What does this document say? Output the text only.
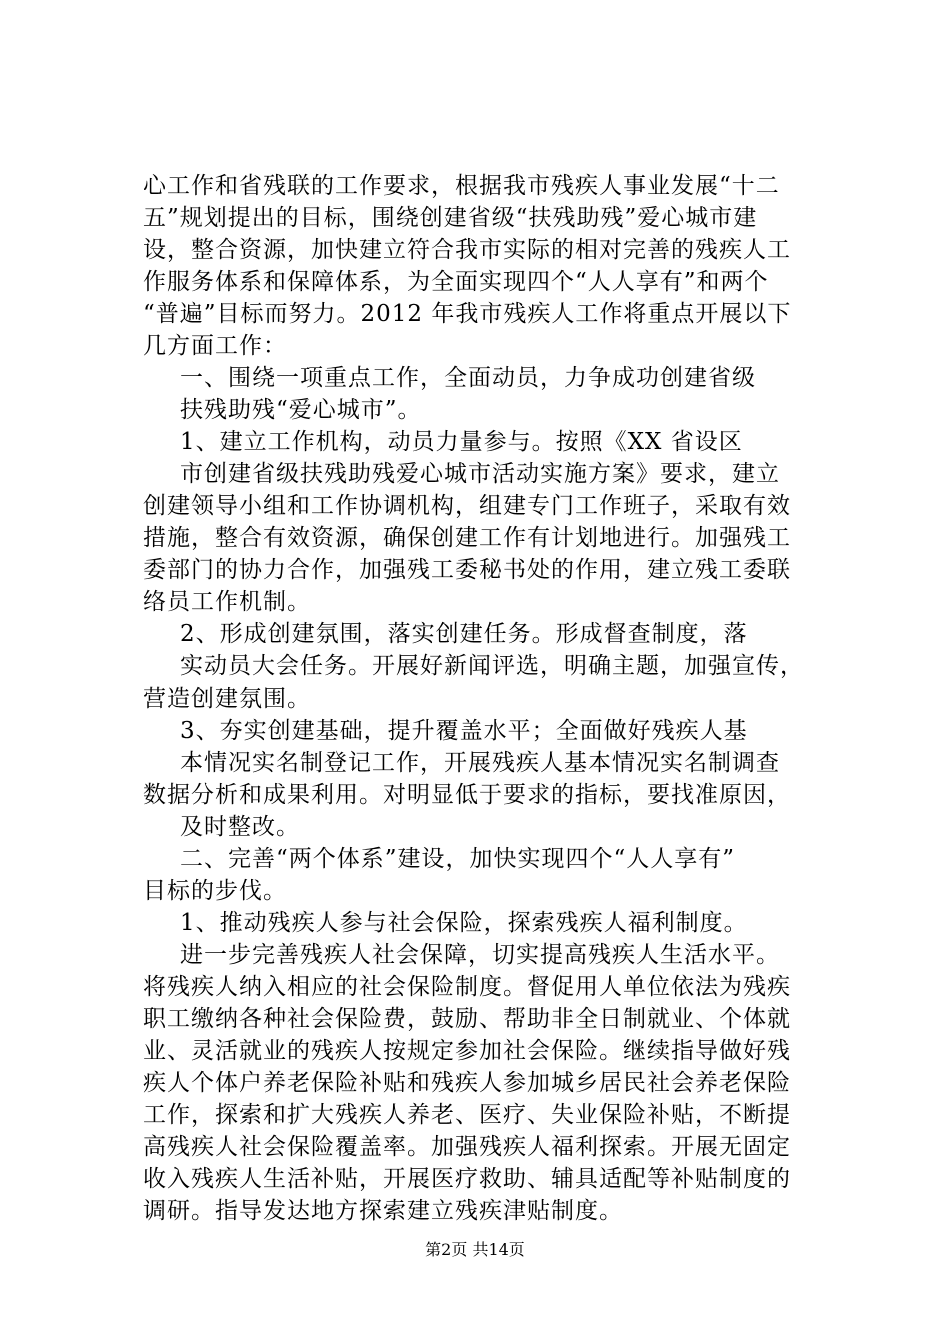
心工作和省残联的工作要求，根据我市残疾人事业发展“十二
五”规划提出的目标，围绕创建省级“扶残助残”爱心城市建
设，整合资源，加快建立符合我市实际的相对完善的残疾人工
作服务体系和保障体系，为全面实现四个“人人享有”和两个
“普遍”目标而努力。2012 年我市残疾人工作将重点开展以下
几方面工作：
一、围绕一项重点工作，全面动员，力争成功创建省级
扶残助残“爱心城市”。
1、建立工作机构，动员力量参与。按照《XX 省设区
市创建省级扶残助残爱心城市活动实施方案》要求，建立
创建领导小组和工作协调机构，组建专门工作班子，采取有效
措施，整合有效资源，确保创建工作有计划地进行。加强残工
委部门的协力合作，加强残工委秘书处的作用，建立残工委联
络员工作机制。
2、形成创建氛围，落实创建任务。形成督查制度，落
实动员大会任务。开展好新闻评选，明确主题，加强宣传，
营造创建氛围。
3、夯实创建基础，提升覆盖水平；全面做好残疾人基
本情况实名制登记工作，开展残疾人基本情况实名制调查
数据分析和成果利用。对明显低于要求的指标，要找准原因，
及时整改。
二、完善“两个体系”建设，加快实现四个“人人享有”
目标的步伐。
1、推动残疾人参与社会保险，探索残疾人福利制度。
进一步完善残疾人社会保障，切实提高残疾人生活水平。
将残疾人纳入相应的社会保险制度。督促用人单位依法为残疾
职工缴纳各种社会保险费，鼓励、帮助非全日制就业、个体就
业、灵活就业的残疾人按规定参加社会保险。继续指导做好残
疾人个体户养老保险补贴和残疾人参加城乡居民社会养老保险
工作，探索和扩大残疾人养老、医疗、失业保险补贴，不断提
高残疾人社会保险覆盖率。加强残疾人福利探索。开展无固定
收入残疾人生活补贴，开展医疗救助、辅具适配等补贴制度的
调研。指导发达地方探索建立残疾津贴制度。
第2页 共14页
